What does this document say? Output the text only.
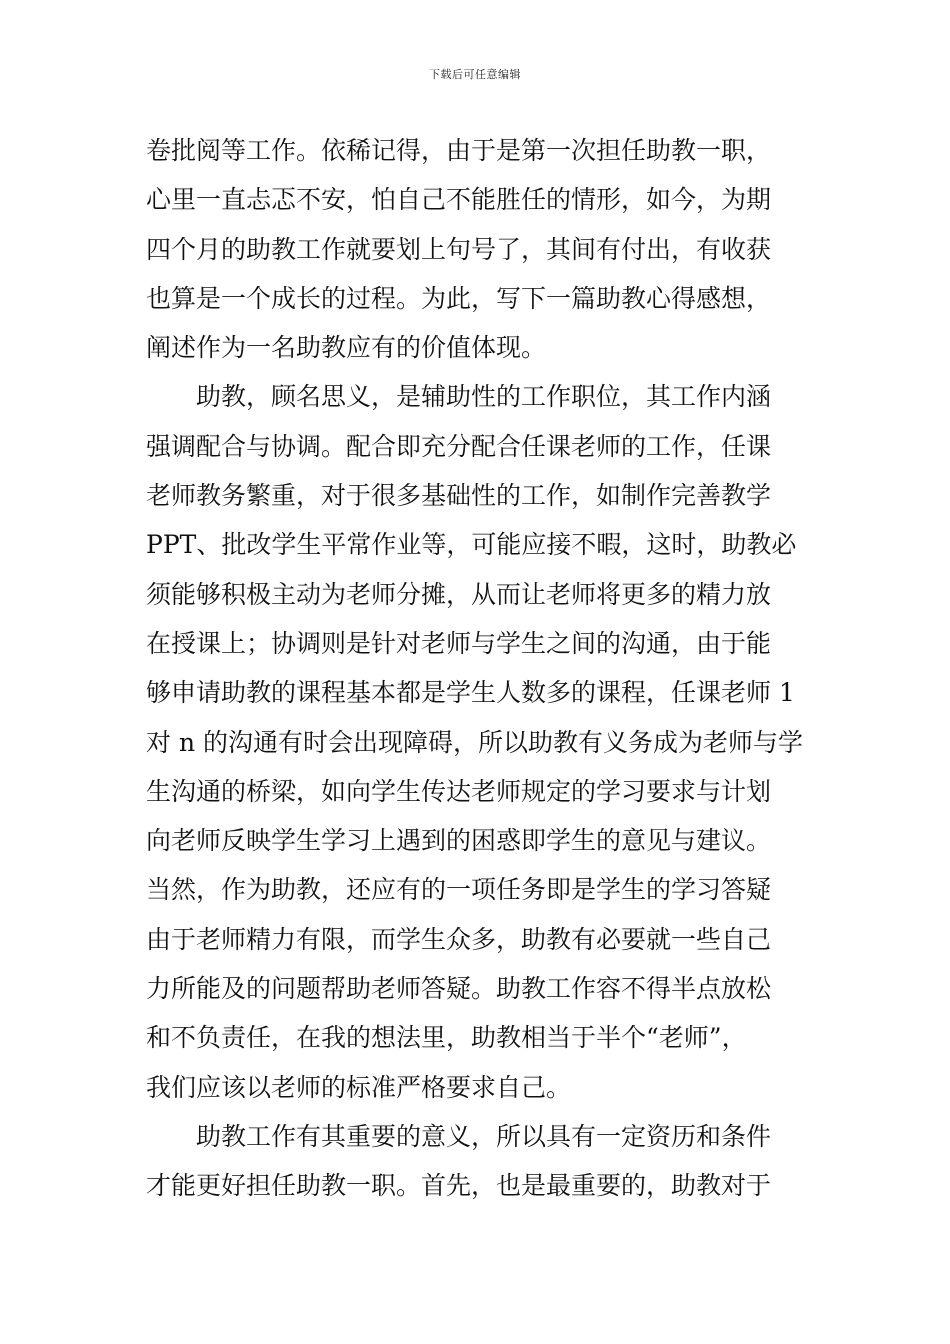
下载后可任意编辑
卷批阅等工作。依稀记得，由于是第一次担任助教一职，
心里一直忐忑不安，怕自己不能胜任的情形，如今，为期
四个月的助教工作就要划上句号了，其间有付出，有收获
也算是一个成长的过程。为此，写下一篇助教心得感想，
阐述作为一名助教应有的价值体现。
　　助教，顾名思义，是辅助性的工作职位，其工作内涵
强调配合与协调。配合即充分配合任课老师的工作，任课
老师教务繁重，对于很多基础性的工作，如制作完善教学
PPT、批改学生平常作业等，可能应接不暇，这时，助教必
须能够积极主动为老师分摊，从而让老师将更多的精力放
在授课上；协调则是针对老师与学生之间的沟通，由于能
够申请助教的课程基本都是学生人数多的课程，任课老师 1
对 n 的沟通有时会出现障碍，所以助教有义务成为老师与学
生沟通的桥梁，如向学生传达老师规定的学习要求与计划
向老师反映学生学习上遇到的困惑即学生的意见与建议。
当然，作为助教，还应有的一项任务即是学生的学习答疑
由于老师精力有限，而学生众多，助教有必要就一些自己
力所能及的问题帮助老师答疑。助教工作容不得半点放松
和不负责任，在我的想法里，助教相当于半个“老师”，
我们应该以老师的标准严格要求自己。
　　助教工作有其重要的意义，所以具有一定资历和条件
才能更好担任助教一职。首先，也是最重要的，助教对于
